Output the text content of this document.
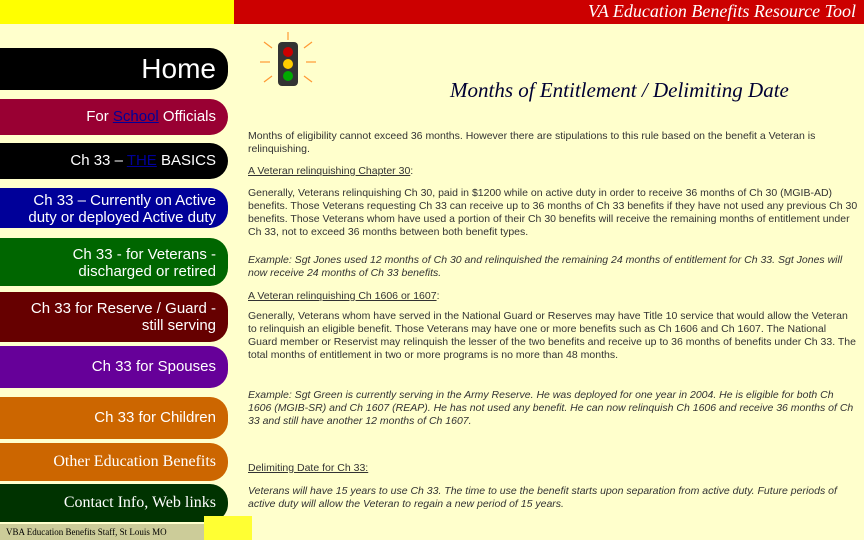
VA Education Benefits Resource Tool
Home
For School Officials
Ch 33 – THE BASICS
Ch 33 – Currently on Active
duty or deployed Active duty
Ch 33 - for Veterans -
discharged or retired
Ch 33 for Reserve / Guard -
still serving
Ch 33 for Spouses
Ch 33 for Children
Other Education Benefits
Contact Info, Web links
VBA Education Benefits Staff, St Louis MO
Months of Entitlement / Delimiting Date

Months of eligibility cannot exceed 36 months. However there are stipulations to this rule based on the benefit a Veteran is relinquishing.

A Veteran relinquishing Chapter 30:

Generally, Veterans relinquishing Ch 30, paid in $1200 while on active duty in order to receive 36 months of Ch 30 (MGIB-AD) benefits. Those Veterans requesting Ch 33 can receive up to 36 months of Ch 33 benefits if they have not used any previous Ch 30 benefits. Those Veterans whom have used a portion of their Ch 30 benefits will receive the remaining months of entitlement under Ch 33, not to exceed 36 months between both benefit types.

Example: Sgt Jones used 12 months of Ch 30 and relinquished the remaining 24 months of entitlement for Ch 33. Sgt Jones will now receive 24 months of Ch 33 benefits.

A Veteran relinquishing Ch 1606 or 1607:

Generally, Veterans whom have served in the National Guard or Reserves may have Title 10 service that would allow the Veteran to relinquish an eligible benefit. Those Veterans may have one or more benefits such as Ch 1606 and Ch 1607. The National Guard member or Reservist may relinquish the lesser of the two benefits and receive up to 36 months of benefits under Ch 33. The total months of entitlement in two or more programs is no more than 48 months.

Example: Sgt Green is currently serving in the Army Reserve. He was deployed for one year in 2004. He is eligible for both Ch 1606 (MGIB-SR) and Ch 1607 (REAP). He has not used any benefit. He can now relinquish Ch 1606 and receive 36 months of Ch 33 and still have another 12 months of Ch 1607.

Delimiting Date for Ch 33:

Veterans will have 15 years to use Ch 33. The time to use the benefit starts upon separation from active duty. Future periods of active duty will allow the Veteran to regain a new period of 15 years.
